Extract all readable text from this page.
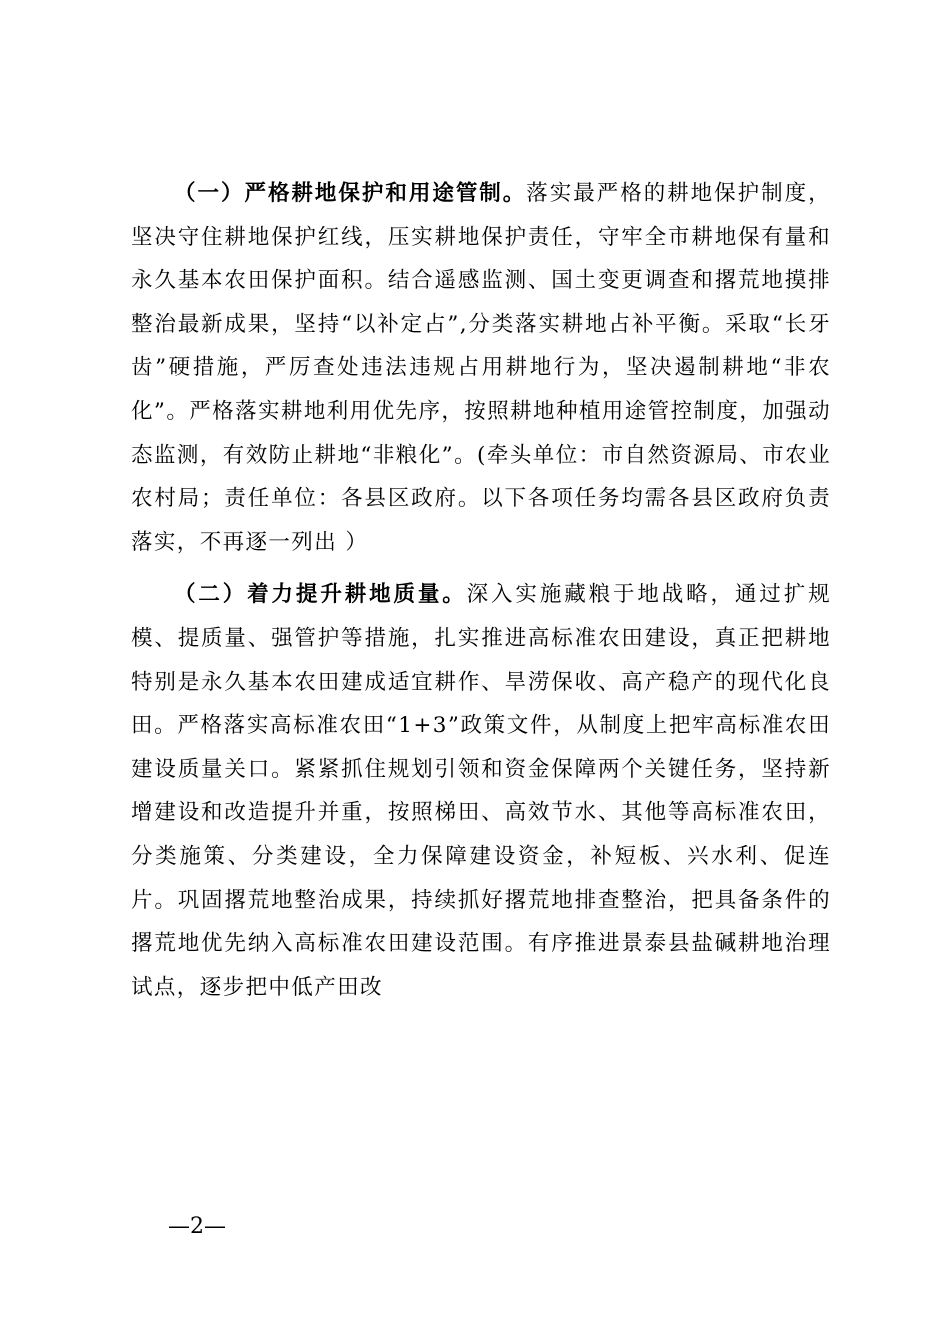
（一）严格耕地保护和用途管制。落实最严格的耕地保护制度，坚决守住耕地保护红线，压实耕地保护责任，守牢全市耕地保有量和永久基本农田保护面积。结合遥感监测、国土变更调查和撂荒地摸排整治最新成果，坚持“以补定占”,分类落实耕地占补平衡。采取“长牙齿”硬措施，严厉查处违法违规占用耕地行为，坚决遏制耕地“非农化”。严格落实耕地利用优先序，按照耕地种植用途管控制度，加强动态监测，有效防止耕地“非粮化”。(牵头单位：市自然资源局、市农业农村局；责任单位：各县区政府。以下各项任务均需各县区政府负责落实，不再逐一列出 ）

（二）着力提升耕地质量。深入实施藏粮于地战略，通过扩规模、提质量、强管护等措施，扎实推进高标准农田建设，真正把耕地特别是永久基本农田建成适宜耕作、旱涝保收、高产稳产的现代化良田。严格落实高标准农田“1+3”政策文件，从制度上把牢高标准农田建设质量关口。紧紧抓住规划引领和资金保障两个关键任务，坚持新增建设和改造提升并重，按照梯田、高效节水、其他等高标准农田，分类施策、分类建设，全力保障建设资金，补短板、兴水利、促连片。巩固撂荒地整治成果，持续抓好撂荒地排查整治，把具备条件的撂荒地优先纳入高标准农田建设范围。有序推进景泰县盐碱耕地治理试点，逐步把中低产田改

—2—
